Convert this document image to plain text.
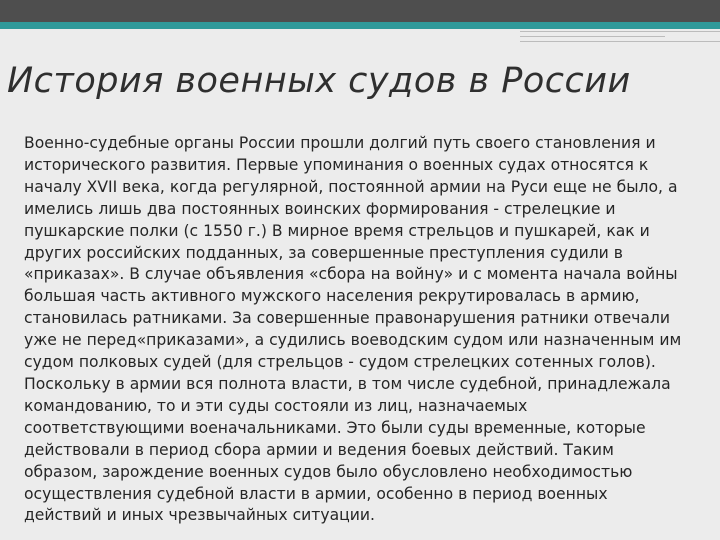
История военных судов в России
Военно-судебные органы России прошли долгий путь своего становления и
исторического развития. Первые упоминания о военных судах относятся к
началу XVII века, когда регулярной, постоянной армии на Руси еще не было, а
имелись лишь два постоянных воинских формирования - стрелецкие и
пушкарские полки (с 1550 г.) В мирное время стрельцов и пушкарей, как и
других российских подданных, за совершенные преступления судили в
«приказах». В случае объявления «сбора на войну» и с момента начала войны
большая часть активного мужского населения рекрутировалась в армию,
становилась ратниками. За совершенные правонарушения ратники отвечали
уже не перед«приказами», а судились воеводским судом или назначенным им
судом полковых судей (для стрельцов - судом стрелецких сотенных голов).
Поскольку в армии вся полнота власти, в том числе судебной, принадлежала
командованию, то и эти суды состояли из лиц, назначаемых
соответствующими военачальниками. Это были суды временные, которые
действовали в период сбора армии и ведения боевых действий. Таким
образом, зарождение военных судов было обусловлено необходимостью
осуществления судебной власти в армии, особенно в период военных
действий и иных чрезвычайных ситуации.
